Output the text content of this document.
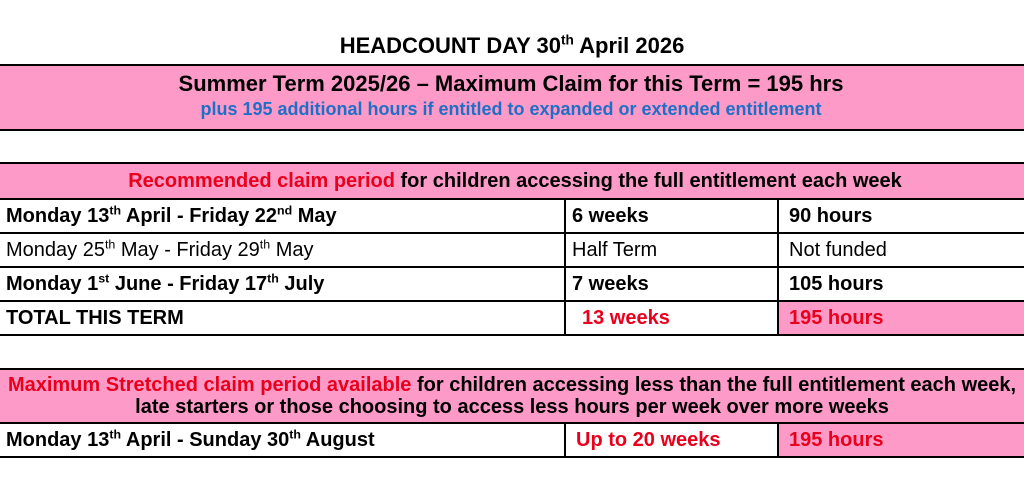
HEADCOUNT DAY 30th April 2026
Summer Term 2025/26 – Maximum Claim for this Term = 195 hrs
plus 195 additional hours if entitled to expanded or extended entitlement
Recommended claim period for children accessing the full entitlement each week		
Monday 13th April - Friday 22nd May	6 weeks	90 hours
Monday 25th May - Friday 29th May	Half Term	Not funded
Monday 1st June - Friday 17th July	7 weeks	105 hours
TOTAL THIS TERM	13 weeks	195 hours
Maximum Stretched claim period available for children accessing less than the full entitlement each week,
late starters or those choosing to access less hours per week over more weeks

Monday 13th April - Sunday 30th August	Up to 20 weeks	195 hours
